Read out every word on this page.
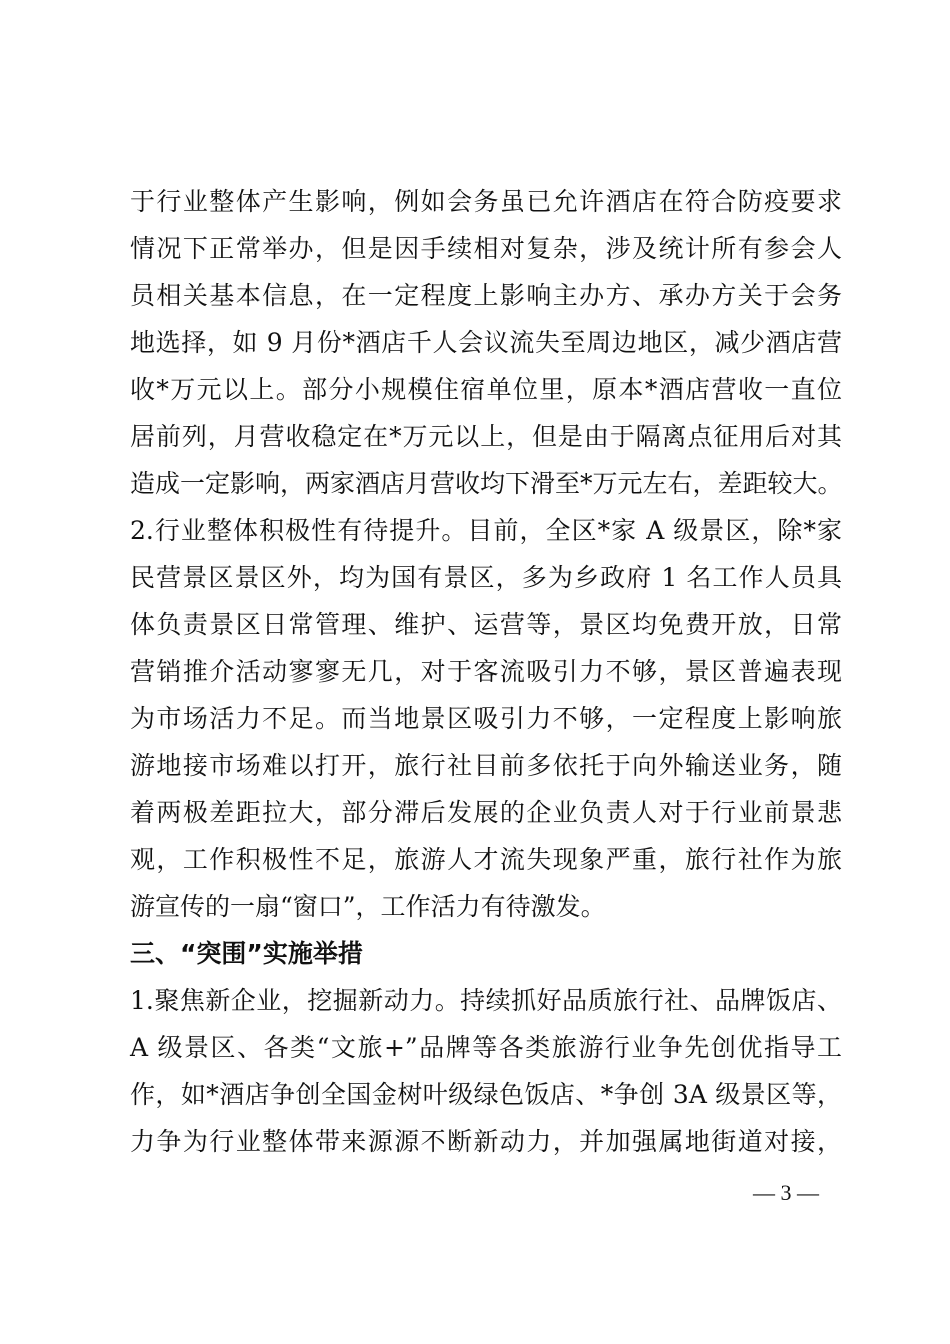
于行业整体产生影响，例如会务虽已允许酒店在符合防疫要求
情况下正常举办，但是因手续相对复杂，涉及统计所有参会人
员相关基本信息，在一定程度上影响主办方、承办方关于会务
地选择，如 9 月份*酒店千人会议流失至周边地区，减少酒店营
收*万元以上。部分小规模住宿单位里，原本*酒店营收一直位
居前列，月营收稳定在*万元以上，但是由于隔离点征用后对其
造成一定影响，两家酒店月营收均下滑至*万元左右，差距较大。
2.行业整体积极性有待提升。目前，全区*家 A 级景区，除*家
民营景区景区外，均为国有景区，多为乡政府 1 名工作人员具
体负责景区日常管理、维护、运营等，景区均免费开放，日常
营销推介活动寥寥无几，对于客流吸引力不够，景区普遍表现
为市场活力不足。而当地景区吸引力不够，一定程度上影响旅
游地接市场难以打开，旅行社目前多依托于向外输送业务，随
着两极差距拉大，部分滞后发展的企业负责人对于行业前景悲
观，工作积极性不足，旅游人才流失现象严重，旅行社作为旅
游宣传的一扇“窗口”，工作活力有待激发。
三、“突围”实施举措
1.聚焦新企业，挖掘新动力。持续抓好品质旅行社、品牌饭店、
A 级景区、各类“文旅+”品牌等各类旅游行业争先创优指导工
作，如*酒店争创全国金树叶级绿色饭店、*争创 3A 级景区等，
力争为行业整体带来源源不断新动力，并加强属地街道对接，
— 3 —
